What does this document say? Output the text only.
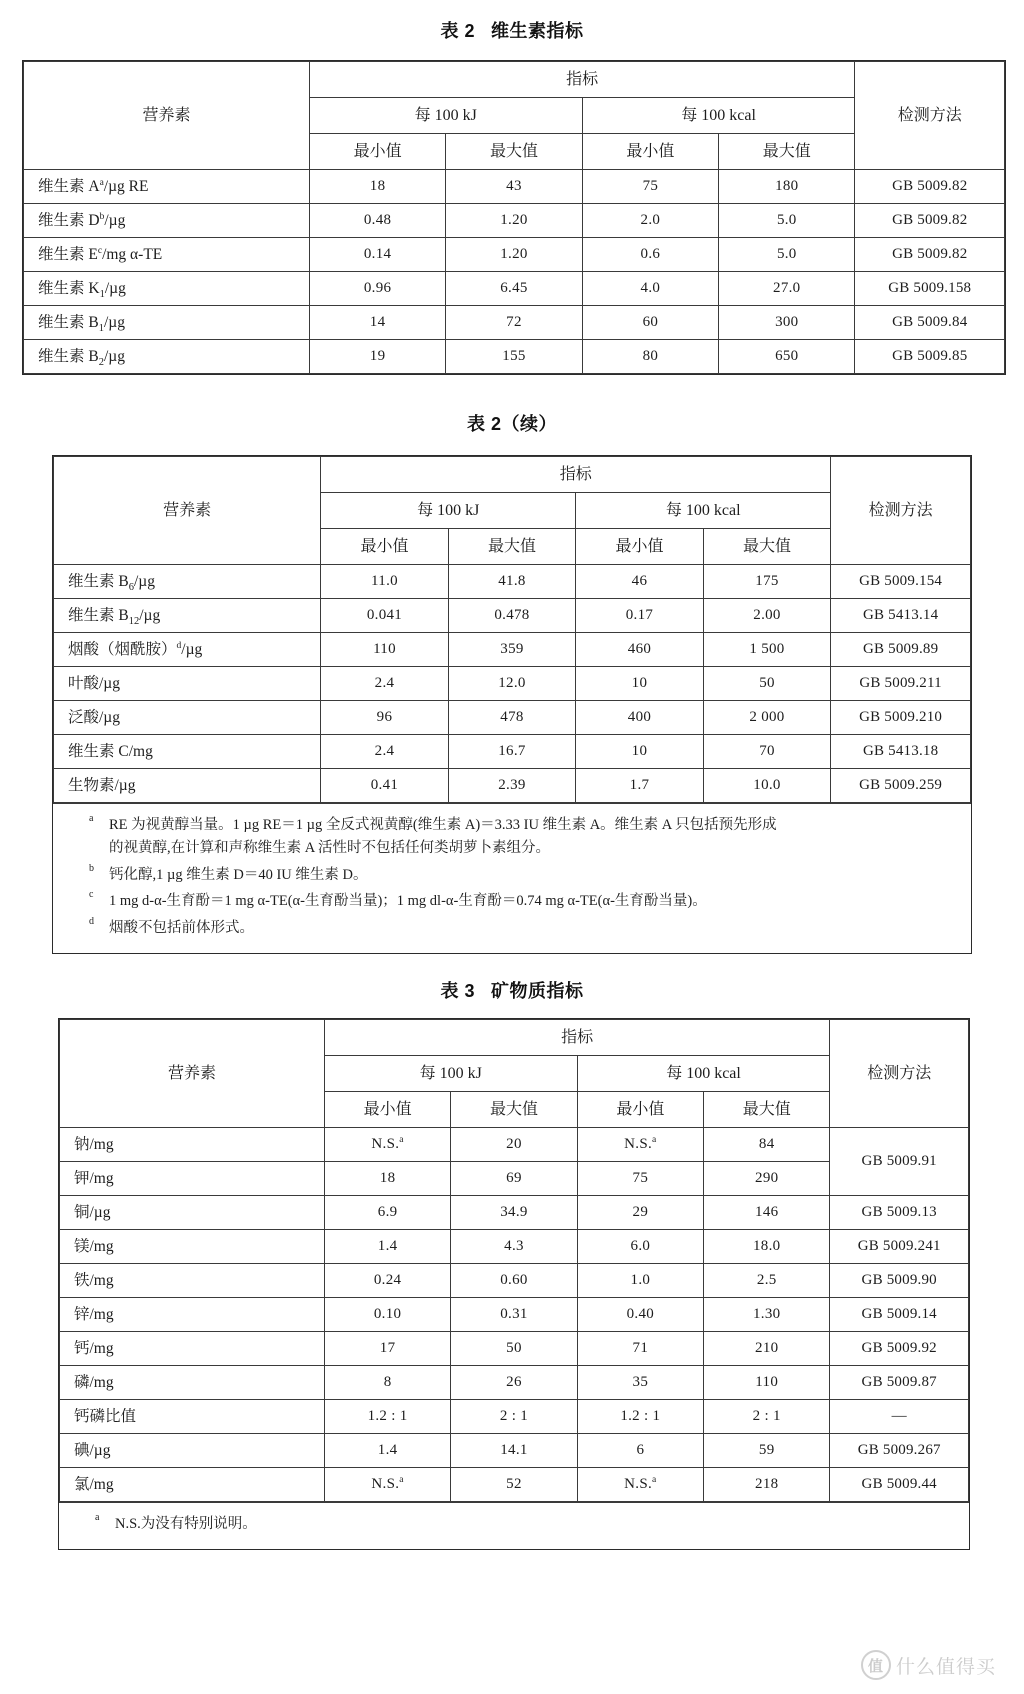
表 2 维生素指标
营养素	指标				检测方法
	每 100 kJ		每 100 kcal		
	最小值	最大值	最小值	最大值	
维生素 $A^a/\mu g$ RE	18	43	75	180	GB 5009.82
维生素 $D^b/\mu g$	0.48	1.20	2.0	5.0	GB 5009.82
维生素 $E^c/mg$ α-TE	0.14	1.20	0.6	5.0	GB 5009.82
维生素 $K_1/\mu g$	0.96	6.45	4.0	27.0	GB 5009.158
维生素 $B_1/\mu g$	14	72	60	300	GB 5009.84
维生素 $B_2/\mu g$	19	155	80	650	GB 5009.85
表 2（续）
营养素	指标				检测方法
	每 100 kJ		每 100 kcal		
	最小值	最大值	最小值	最大值	
维生素 $B_6/\mu g$	11.0	41.8	46	175	GB 5009.154
维生素 $B_{12}/\mu g$	0.041	0.478	0.17	2.00	GB 5413.14
烟酸（烟酰胺）$^d$/µg	110	359	460	1 500	GB 5009.89
叶酸/µg	2.4	12.0	10	50	GB 5009.211
泛酸/µg	96	478	400	2 000	GB 5009.210
维生素 C/mg	2.4	16.7	10	70	GB 5413.18
生物素/µg	0.41	2.39	1.7	10.0	GB 5009.259
a RE 为视黄醇当量。1 µg RE＝1 µg 全反式视黄醇(维生素 A)＝3.33 IU 维生素 A。维生素 A 只包括预先形成
的视黄醇,在计算和声称维生素 A 活性时不包括任何类胡萝卜素组分。
b 钙化醇,1 µg 维生素 D＝40 IU 维生素 D。
c 1 mg d-α-生育酚＝1 mg α-TE(α-生育酚当量)；1 mg dl-α-生育酚＝0.74 mg α-TE(α-生育酚当量)。
d 烟酸不包括前体形式。
表 3 矿物质指标
营养素	指标				检测方法
	每 100 kJ		每 100 kcal		
	最小值	最大值	最小值	最大值	
钠/mg	N.S.$^a$	20	N.S.$^a$	84	GB 5009.91
钾/mg	18	69	75	290	
铜/µg	6.9	34.9	29	146	GB 5009.13
镁/mg	1.4	4.3	6.0	18.0	GB 5009.241
铁/mg	0.24	0.60	1.0	2.5	GB 5009.90
锌/mg	0.10	0.31	0.40	1.30	GB 5009.14
钙/mg	17	50	71	210	GB 5009.92
磷/mg	8	26	35	110	GB 5009.87
钙磷比值	1.2 : 1	2 : 1	1.2 : 1	2 : 1	—
碘/µg	1.4	14.1	6	59	GB 5009.267
氯/mg	N.S.$^a$	52	N.S.$^a$	218	GB 5009.44
a N.S.为没有特别说明。
值 什么值得买
